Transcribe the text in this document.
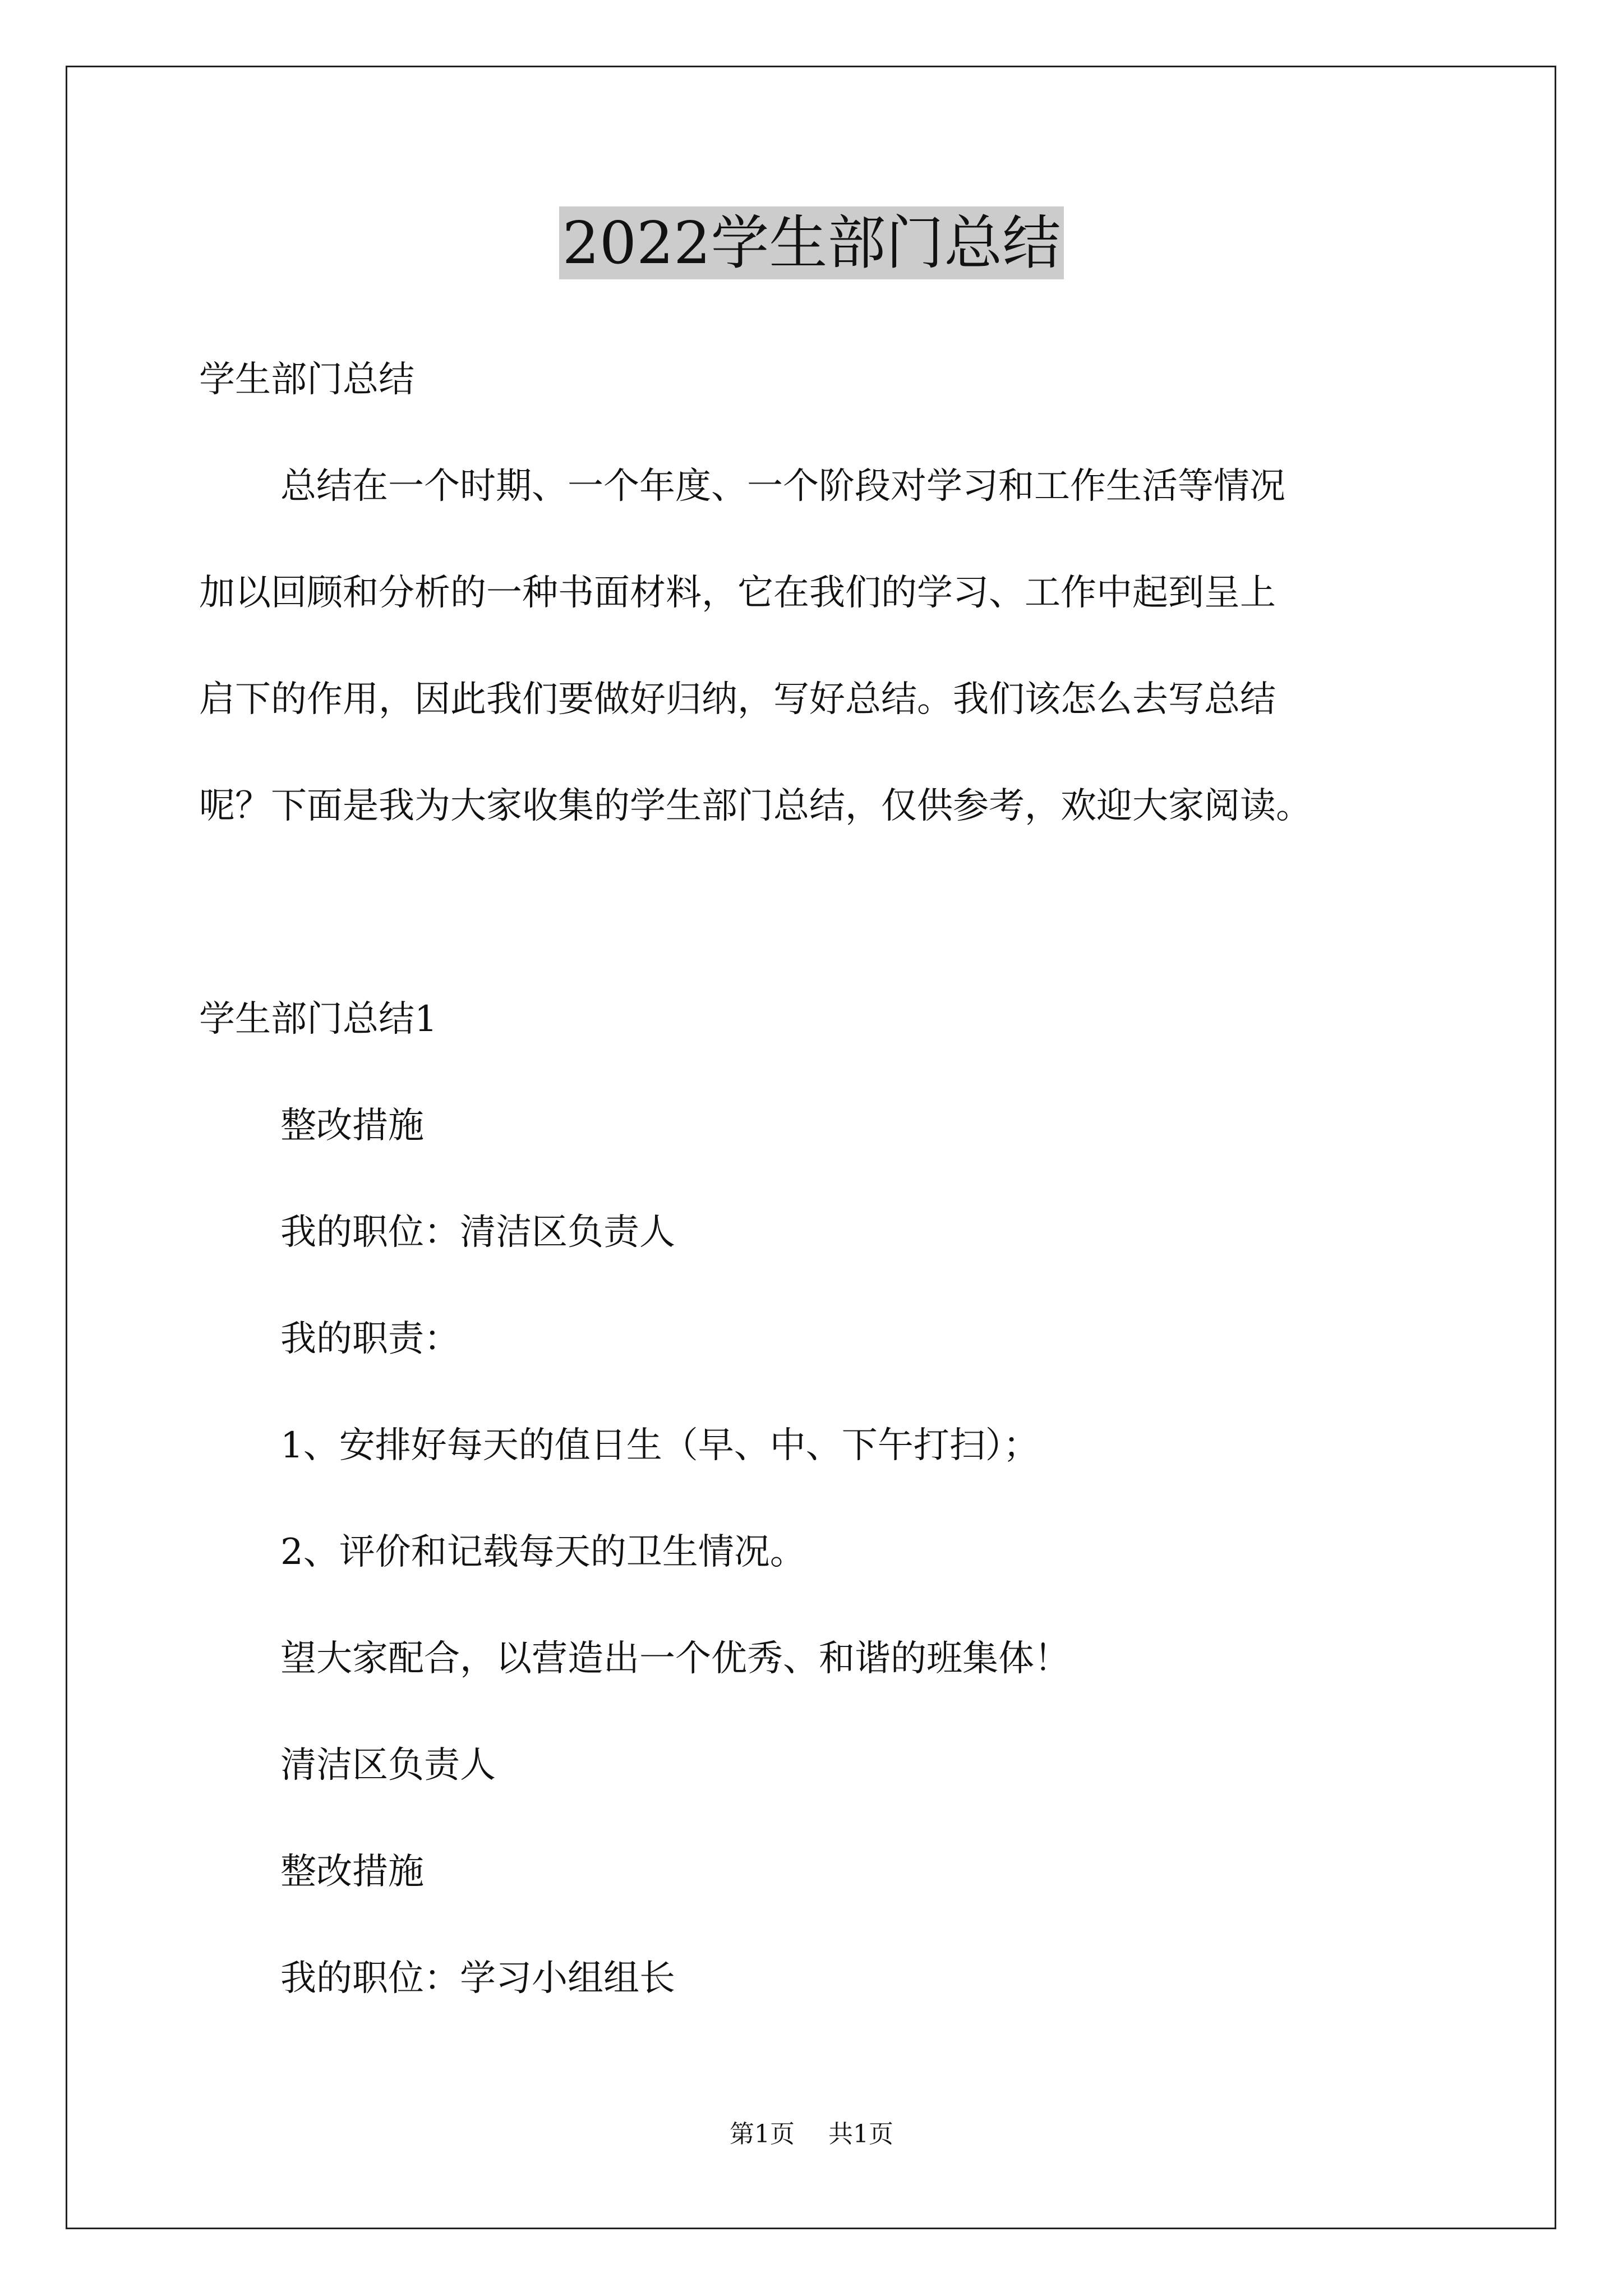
2022学生部门总结

学生部门总结

总结在一个时期、一个年度、一个阶段对学习和工作生活等情况

加以回顾和分析的一种书面材料，它在我们的学习、工作中起到呈上

启下的作用，因此我们要做好归纳，写好总结。我们该怎么去写总结

呢？下面是我为大家收集的学生部门总结，仅供参考，欢迎大家阅读。

学生部门总结1

整改措施

我的职位：清洁区负责人

我的职责：

1、安排好每天的值日生（早、中、下午打扫）；

2、评价和记载每天的卫生情况。

望大家配合，以营造出一个优秀、和谐的班集体！

清洁区负责人

整改措施

我的职位：学习小组组长

第1页 共1页
